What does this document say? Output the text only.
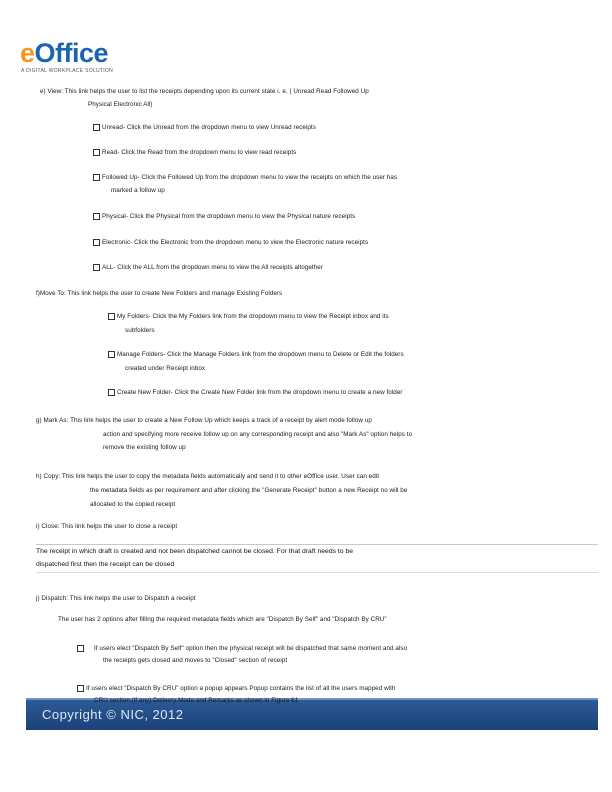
eOffice
A DIGITAL WORKPLACE SOLUTION
e) View: This link helps the user to list the receipts depending upon its current state i. e. ( Unread Read Followed Up
Physical Electronic All)
Unread- Click the Unread from the dropdown menu to view Unread receipts
Read- Click the Read from the dropdown menu to view read receipts
Followed Up- Click the Followed Up from the dropdown menu to view the receipts on which the user has
marked a follow up
Physical- Click the Physical from the dropdown menu to view the Physical nature receipts
Electronic- Click the Electronic from the dropdown menu to view the Electronic nature receipts
ALL- Click the ALL from the dropdown menu to view the All receipts altogether
f)Move To: This link helps the user to create New Folders and manage Existing Folders
My Folders- Click the My Folders link from the dropdown menu to view the Receipt inbox and its
subfolders
Manage Folders- Click the Manage Folders link from the dropdown menu to Delete or Edit the folders
created under Receipt inbox
Create New Folder- Click the Create New Folder link from the dropdown menu to create a new folder
g) Mark As: This link helps the user to create a New Follow Up which keeps a track of a receipt by alert mode follow up
action and specifying more receive follow up on any corresponding receipt and also "Mark As" option helps to
remove the existing follow up
h) Copy: This link helps the user to copy the metadata fields automatically and send it to other eOffice user. User can edit
the metadata fields as per requirement and after clicking the "Generate Receipt" button a new Receipt no will be
allocated to the copied receipt
i) Close: This link helps the user to close a receipt
The receipt in which draft is created and not been dispatched cannot be closed. For that draft needs to be
dispatched first then the receipt can be closed
j) Dispatch: This link helps the user to Dispatch a receipt
The user has 2 options after filling the required metadata fields which are "Dispatch By Self" and "Dispatch By CRU"
If users elect "Dispatch By Self" option then the physical receipt will be dispatched that same moment and also
the receipts gets closed and moves to "Closed" section of receipt
If users elect "Dispatch By CRU" option a popup appears Popup contains the list of all the users mapped with
CRU section (if any) Delivery Mode and Remarks as shown in Figure 61
Copyright © NIC, 2012
